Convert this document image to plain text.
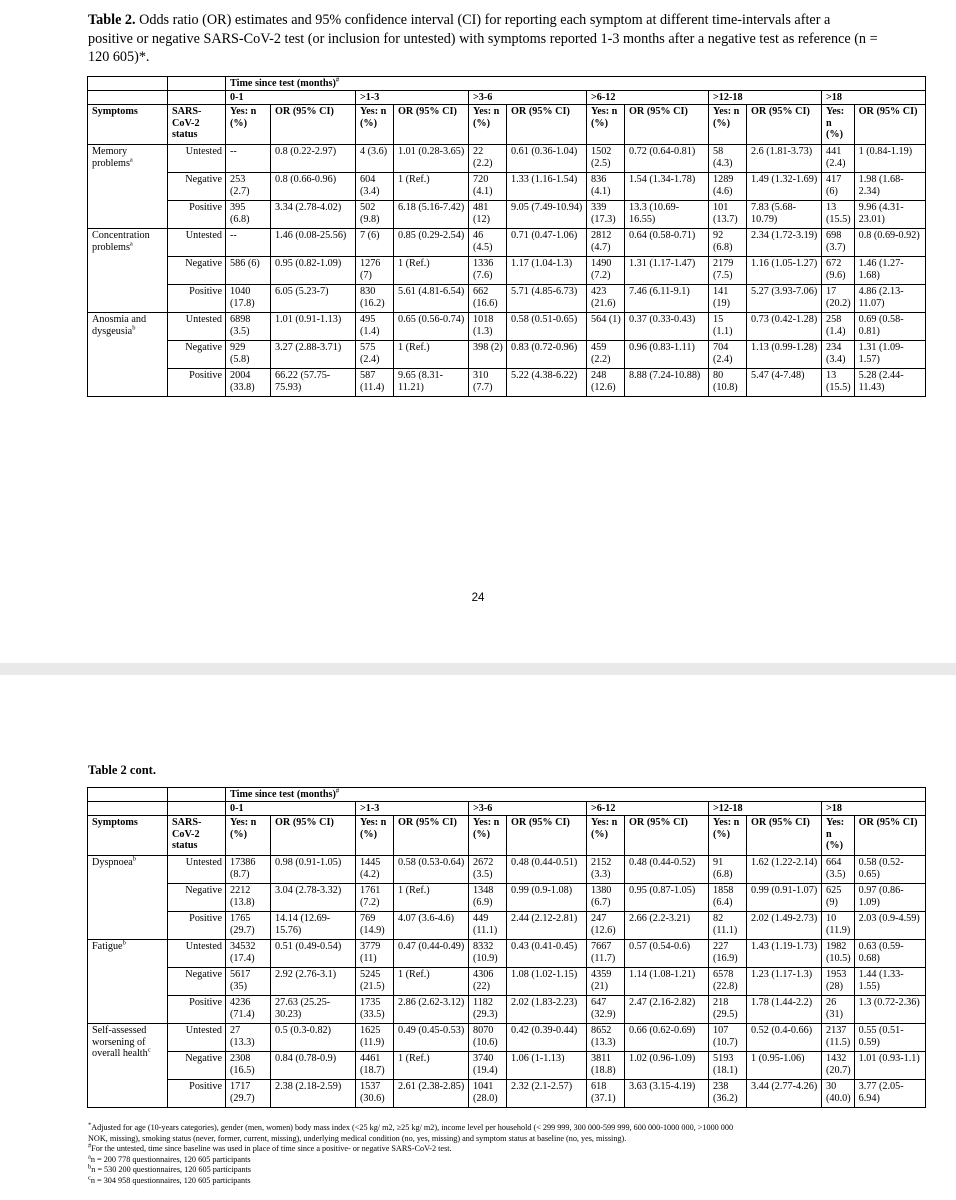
Table 2. Odds ratio (OR) estimates and 95% confidence interval (CI) for reporting each symptom at different time-intervals after a positive or negative SARS-CoV-2 test (or inclusion for untested) with symptoms reported 1-3 months after a negative test as reference (n = 120 605)*.
		Time since test (months)#
		0-1		>1-3		>3-6		>6-12		>12-18		>18	
Symptoms	SARS-CoV-2 status	Yes: n (%)	OR (95% CI)	Yes: n (%)	OR (95% CI)	Yes: n (%)	OR (95% CI)	Yes: n (%)	OR (95% CI)	Yes: n (%)	OR (95% CI)	Yes: n (%)	OR (95% CI)
Memory problems$^a$	Untested	--	0.8 (0.22-2.97)	4 (3.6)	1.01 (0.28-3.65)	22 (2.2)	0.61 (0.36-1.04)	1502 (2.5)	0.72 (0.64-0.81)	58 (4.3)	2.6 (1.81-3.73)	441 (2.4)	1 (0.84-1.19)
	Negative	253 (2.7)	0.8 (0.66-0.96)	604 (3.4)	1 (Ref.)	720 (4.1)	1.33 (1.16-1.54)	836 (4.1)	1.54 (1.34-1.78)	1289 (4.6)	1.49 (1.32-1.69)	417 (6)	1.98 (1.68-2.34)
	Positive	395 (6.8)	3.34 (2.78-4.02)	502 (9.8)	6.18 (5.16-7.42)	481 (12)	9.05 (7.49-10.94)	339 (17.3)	13.3 (10.69-16.55)	101 (13.7)	7.83 (5.68-10.79)	13 (15.5)	9.96 (4.31-23.01)
Concentration problems$^a$	Untested	--	1.46 (0.08-25.56)	7 (6)	0.85 (0.29-2.54)	46 (4.5)	0.71 (0.47-1.06)	2812 (4.7)	0.64 (0.58-0.71)	92 (6.8)	2.34 (1.72-3.19)	698 (3.7)	0.8 (0.69-0.92)
	Negative	586 (6)	0.95 (0.82-1.09)	1276 (7)	1 (Ref.)	1336 (7.6)	1.17 (1.04-1.3)	1490 (7.2)	1.31 (1.17-1.47)	2179 (7.5)	1.16 (1.05-1.27)	672 (9.6)	1.46 (1.27-1.68)
	Positive	1040 (17.8)	6.05 (5.23-7)	830 (16.2)	5.61 (4.81-6.54)	662 (16.6)	5.71 (4.85-6.73)	423 (21.6)	7.46 (6.11-9.1)	141 (19)	5.27 (3.93-7.06)	17 (20.2)	4.86 (2.13-11.07)
Anosmia and dysgeusia$^b$	Untested	6898 (3.5)	1.01 (0.91-1.13)	495 (1.4)	0.65 (0.56-0.74)	1018 (1.3)	0.58 (0.51-0.65)	564 (1)	0.37 (0.33-0.43)	15 (1.1)	0.73 (0.42-1.28)	258 (1.4)	0.69 (0.58-0.81)
	Negative	929 (5.8)	3.27 (2.88-3.71)	575 (2.4)	1 (Ref.)	398 (2)	0.83 (0.72-0.96)	459 (2.2)	0.96 (0.83-1.11)	704 (2.4)	1.13 (0.99-1.28)	234 (3.4)	1.31 (1.09-1.57)
	Positive	2004 (33.8)	66.22 (57.75-75.93)	587 (11.4)	9.65 (8.31-11.21)	310 (7.7)	5.22 (4.38-6.22)	248 (12.6)	8.88 (7.24-10.88)	80 (10.8)	5.47 (4-7.48)	13 (15.5)	5.28 (2.44-11.43)
24
Table 2 cont.
		Time since test (months)#
		0-1		>1-3		>3-6		>6-12		>12-18		>18	
Symptoms	SARS-CoV-2 status	Yes: n (%)	OR (95% CI)	Yes: n (%)	OR (95% CI)	Yes: n (%)	OR (95% CI)	Yes: n (%)	OR (95% CI)	Yes: n (%)	OR (95% CI)	Yes: n (%)	OR (95% CI)
Dyspnoea$^b$	Untested	17386 (8.7)	0.98 (0.91-1.05)	1445 (4.2)	0.58 (0.53-0.64)	2672 (3.5)	0.48 (0.44-0.51)	2152 (3.3)	0.48 (0.44-0.52)	91 (6.8)	1.62 (1.22-2.14)	664 (3.5)	0.58 (0.52-0.65)
	Negative	2212 (13.8)	3.04 (2.78-3.32)	1761 (7.2)	1 (Ref.)	1348 (6.9)	0.99 (0.9-1.08)	1380 (6.7)	0.95 (0.87-1.05)	1858 (6.4)	0.99 (0.91-1.07)	625 (9)	0.97 (0.86-1.09)
	Positive	1765 (29.7)	14.14 (12.69-15.76)	769 (14.9)	4.07 (3.6-4.6)	449 (11.1)	2.44 (2.12-2.81)	247 (12.6)	2.66 (2.2-3.21)	82 (11.1)	2.02 (1.49-2.73)	10 (11.9)	2.03 (0.9-4.59)
Fatigue$^b$	Untested	34532 (17.4)	0.51 (0.49-0.54)	3779 (11)	0.47 (0.44-0.49)	8332 (10.9)	0.43 (0.41-0.45)	7667 (11.7)	0.57 (0.54-0.6)	227 (16.9)	1.43 (1.19-1.73)	1982 (10.5)	0.63 (0.59-0.68)
	Negative	5617 (35)	2.92 (2.76-3.1)	5245 (21.5)	1 (Ref.)	4306 (22)	1.08 (1.02-1.15)	4359 (21)	1.14 (1.08-1.21)	6578 (22.8)	1.23 (1.17-1.3)	1953 (28)	1.44 (1.33-1.55)
	Positive	4236 (71.4)	27.63 (25.25-30.23)	1735 (33.5)	2.86 (2.62-3.12)	1182 (29.3)	2.02 (1.83-2.23)	647 (32.9)	2.47 (2.16-2.82)	218 (29.5)	1.78 (1.44-2.2)	26 (31)	1.3 (0.72-2.36)
Self-assessed worsening of overall health$^c$	Untested	27 (13.3)	0.5 (0.3-0.82)	1625 (11.9)	0.49 (0.45-0.53)	8070 (10.6)	0.42 (0.39-0.44)	8652 (13.3)	0.66 (0.62-0.69)	107 (10.7)	0.52 (0.4-0.66)	2137 (11.5)	0.55 (0.51-0.59)
	Negative	2308 (16.5)	0.84 (0.78-0.9)	4461 (18.7)	1 (Ref.)	3740 (19.4)	1.06 (1-1.13)	3811 (18.8)	1.02 (0.96-1.09)	5193 (18.1)	1 (0.95-1.06)	1432 (20.7)	1.01 (0.93-1.1)
	Positive	1717 (29.7)	2.38 (2.18-2.59)	1537 (30.6)	2.61 (2.38-2.85)	1041 (28.0)	2.32 (2.1-2.57)	618 (37.1)	3.63 (3.15-4.19)	238 (36.2)	3.44 (2.77-4.26)	30 (40.0)	3.77 (2.05-6.94)
*Adjusted for age (10-years categories), gender (men, women) body mass index (<25 kg/ m2, ≥25 kg/ m2), income level per household (< 299 999, 300 000-599 999, 600 000-1000 000, >1000 000
NOK, missing), smoking status (never, former, current, missing), underlying medical condition (no, yes, missing) and symptom status at baseline (no, yes, missing).
#For the untested, time since baseline was used in place of time since a positive- or negative SARS-CoV-2 test.
$^a$n = 200 778 questionnaires, 120 605 participants
$^b$n = 530 200 questionnaires, 120 605 participants
$^c$n = 304 958 questionnaires, 120 605 participants
